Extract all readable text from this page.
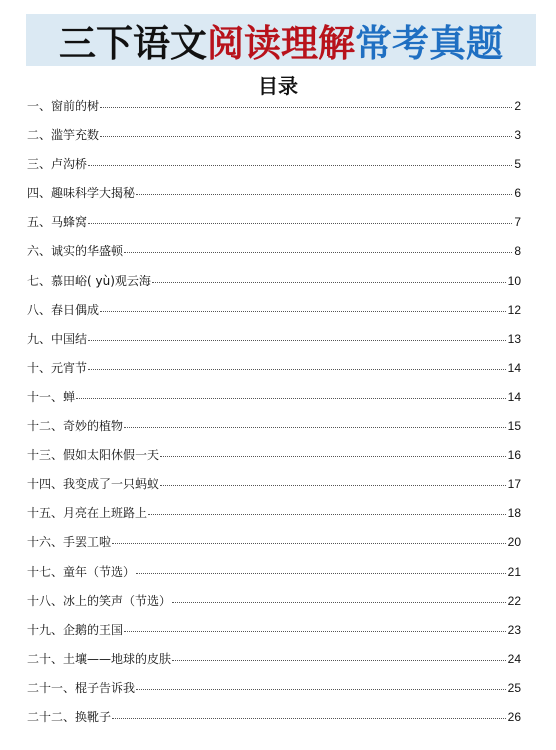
三下语文 阅读理解 常考真题
目录
一、窗前的树	2
二、滥竽充数	3
三、卢沟桥	5
四、趣味科学大揭秘	6
五、马蜂窝	7
六、诚实的华盛顿	8
七、慕田峪( yù)观云海	10
八、春日偶成	12
九、中国结	13
十、元宵节	14
十一、蝉	14
十二、奇妙的植物	15
十三、假如太阳休假一天	16
十四、我变成了一只蚂蚁	17
十五、月亮在上班路上	18
十六、手罢工啦	20
十七、童年（节选）	21
十八、冰上的笑声（节选）	22
十九、企鹅的王国	23
二十、土壤——地球的皮肤	24
二十一、棍子告诉我	25
二十二、换靴子	26
